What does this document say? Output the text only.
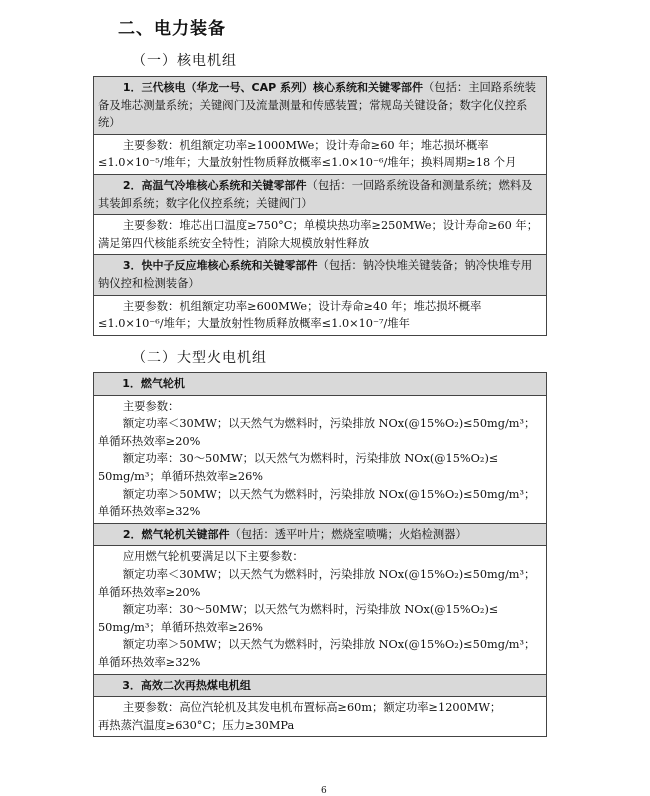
二、电力装备
（一）核电机组
1．三代核电（华龙一号、CAP 系列）核心系统和关键零部件（包括：主回路系统装备及堆芯测量系统；关键阀门及流量测量和传感装置；常规岛关键设备；数字化仪控系统）
主要参数：机组额定功率≥1000MWe；设计寿命≥60 年；堆芯损坏概率≤1.0×10⁻⁵/堆年；大量放射性物质释放概率≤1.0×10⁻⁶/堆年；换料周期≥18 个月
2．高温气冷堆核心系统和关键零部件（包括：一回路系统设备和测量系统；燃料及其装卸系统；数字化仪控系统；关键阀门）
主要参数：堆芯出口温度≥750°C；单模块热功率≥250MWe；设计寿命≥60 年；满足第四代核能系统安全特性；消除大规模放射性释放
3．快中子反应堆核心系统和关键零部件（包括：钠冷快堆关键装备；钠冷快堆专用钠仪控和检测装备）
主要参数：机组额定功率≥600MWe；设计寿命≥40 年；堆芯损坏概率≤1.0×10⁻⁶/堆年；大量放射性物质释放概率≤1.0×10⁻⁷/堆年
（二）大型火电机组
1．燃气轮机
主要参数：
额定功率＜30MW；以天然气为燃料时，污染排放 NOx(@15%O₂)≤50mg/m³；
单循环热效率≥20%
额定功率：30～50MW；以天然气为燃料时，污染排放 NOx(@15%O₂)≤
50mg/m³；单循环热效率≥26%
额定功率＞50MW；以天然气为燃料时，污染排放 NOx(@15%O₂)≤50mg/m³；
单循环热效率≥32%
2．燃气轮机关键部件（包括：透平叶片；燃烧室喷嘴；火焰检测器）
应用燃气轮机要满足以下主要参数：
额定功率＜30MW；以天然气为燃料时，污染排放 NOx(@15%O₂)≤50mg/m³；
单循环热效率≥20%
额定功率：30～50MW；以天然气为燃料时，污染排放 NOx(@15%O₂)≤
50mg/m³；单循环热效率≥26%
额定功率＞50MW；以天然气为燃料时，污染排放 NOx(@15%O₂)≤50mg/m³；
单循环热效率≥32%
3．高效二次再热煤电机组
主要参数：高位汽轮机及其发电机布置标高≥60m；额定功率≥1200MW；
再热蒸汽温度≥630°C；压力≥30MPa
6
